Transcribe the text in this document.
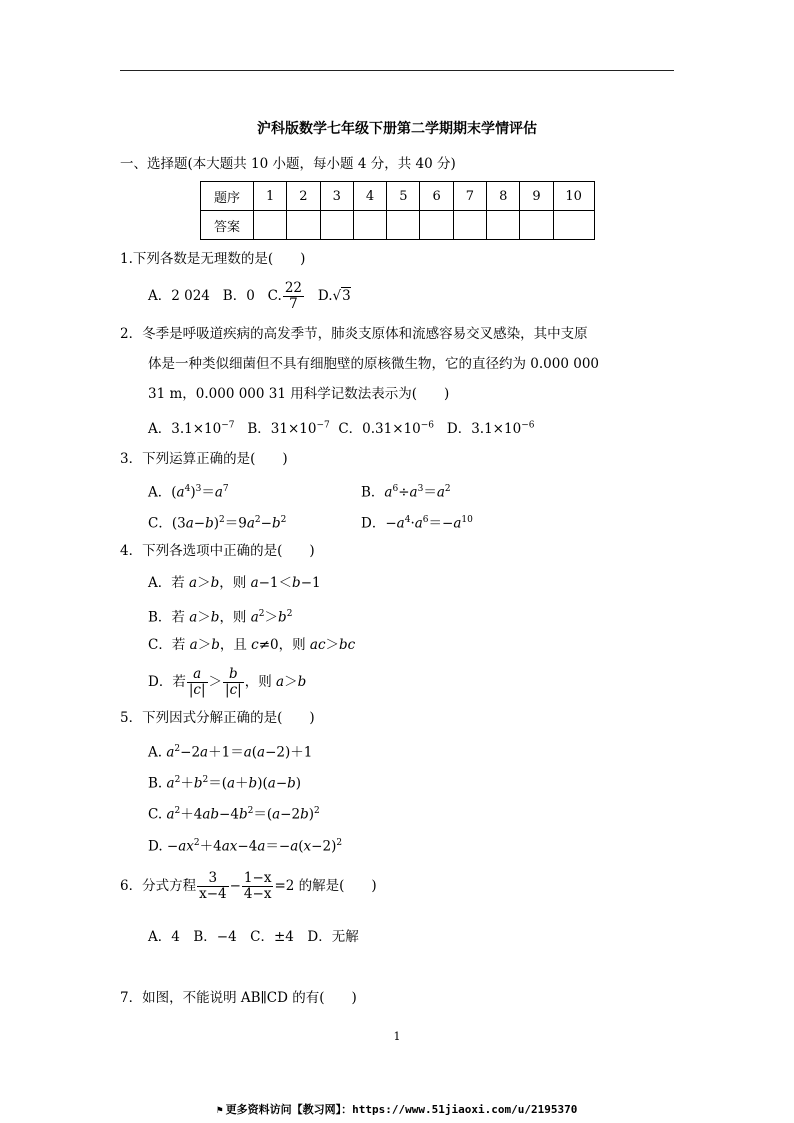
沪科版数学七年级下册第二学期期末学情评估
一、选择题(本大题共 10 小题，每小题 4 分，共 40 分)
题序	1	2	3	4	5	6	7	8	9	10
答案										
1.下列各数是无理数的是(　　)
A．2 024 B．0 C. $\frac{22}{7} D.√3$
2．冬季是呼吸道疾病的高发季节，肺炎支原体和流感容易交叉感染，其中支原
体是一种类似细菌但不具有细胞壁的原核微生物，它的直径约为 0.000 000
31 m，0.000 000 31 用科学记数法表示为(　　)
A．$3.1\times 10^{-7}$ B．$31\times 10^{-7}$ C．$0.31\times 10^{-6}$ D．$3.1\times 10^{-6}$
3．下列运算正确的是(　　)
A．$(a^4)^3=a^7$	B．$a^6\div a^3=a^2$
C．$(3a-b)^2=9a^2-b^2$	D．$-a^4\cdot a^6=-a^{10}$
4．下列各选项中正确的是(　　)
A．若 a＞b，则 a−1＜b−1
B．若 a＞b，则 $a^2>b^2$
C．若 a＞b，且 c≠0，则 ac＞bc
D．若 $\frac{a}{|c|} > \frac{b}{|c|}$ ，则 a＞b
5．下列因式分解正确的是(　　)
A. $a^2-2a+1=a(a-2)+1$
B. $a^2+b^2=(a+b)(a-b)$
C. $a^2+4ab-4b^2=(a-2b)^2$
D. $-ax^2+4ax-4a=-a(x-2)^2$
6．分式方程 $\frac{3}{x-4} - \frac{1-x}{4-x} =2$ 的解是(　　)
A．4　B．−4　C．±4　D．无解
7．如图，不能说明 AB∥CD 的有(　　)
1
⚑ 更多资料访问【教习网】：https://www.51jiaoxi.com/u/2195370
